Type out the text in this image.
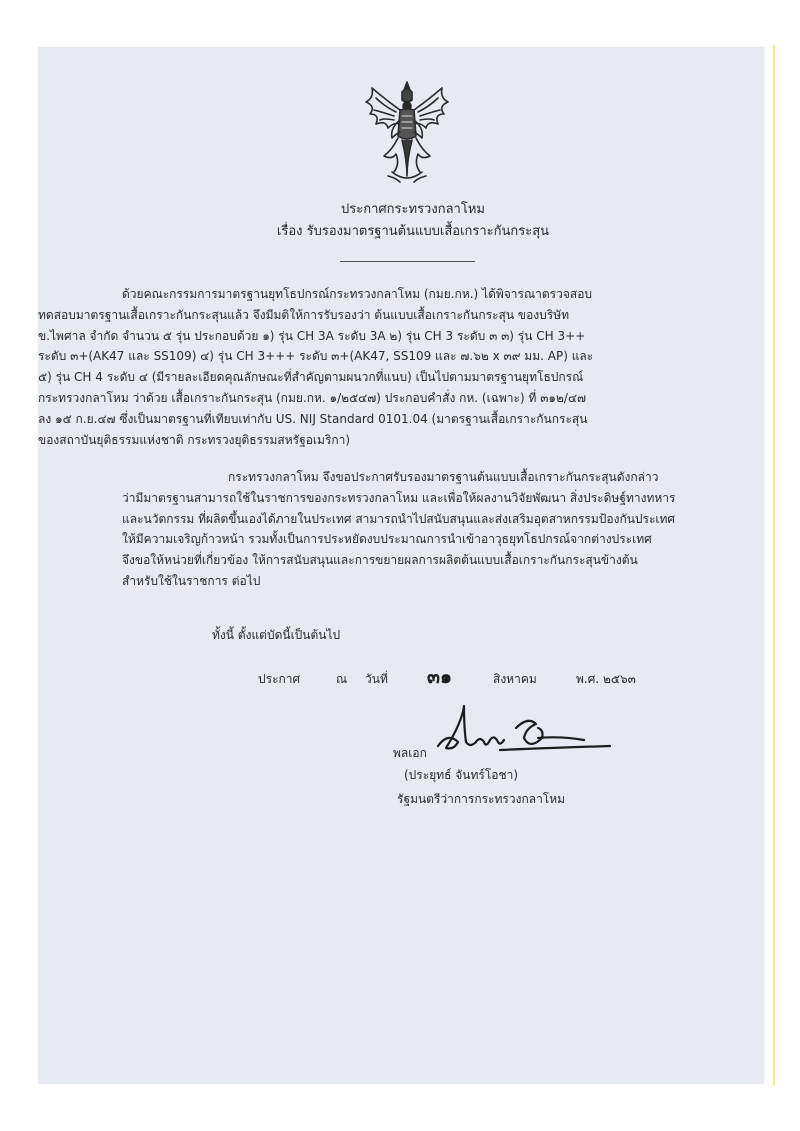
ประกาศกระทรวงกลาโหม
เรื่อง รับรองมาตรฐานต้นแบบเสื้อเกราะกันกระสุน
ด้วยคณะกรรมการมาตรฐานยุทโธปกรณ์กระทรวงกลาโหม (กมย.กห.) ได้พิจารณาตรวจสอบ
ทดสอบมาตรฐานเสื้อเกราะกันกระสุนแล้ว จึงมีมติให้การรับรองว่า ต้นแบบเสื้อเกราะกันกระสุน ของบริษัท
ข.ไพศาล จำกัด จำนวน ๕ รุ่น ประกอบด้วย ๑) รุ่น CH 3A ระดับ 3A ๒) รุ่น CH 3 ระดับ ๓ ๓) รุ่น CH 3++
ระดับ ๓+(AK47 และ SS109) ๔) รุ่น CH 3+++ ระดับ ๓+(AK47, SS109 และ ๗.๖๒ x ๓๙ มม. AP) และ
๕) รุ่น CH 4 ระดับ ๔ (มีรายละเอียดคุณลักษณะที่สำคัญตามผนวกที่แนบ) เป็นไปตามมาตรฐานยุทโธปกรณ์
กระทรวงกลาโหม ว่าด้วย เสื้อเกราะกันกระสุน (กมย.กห. ๑/๒๕๔๗) ประกอบคำสั่ง กห. (เฉพาะ) ที่ ๓๑๒/๔๗
ลง ๑๕ ก.ย.๔๗ ซึ่งเป็นมาตรฐานที่เทียบเท่ากับ US. NIJ Standard 0101.04 (มาตรฐานเสื้อเกราะกันกระสุน
ของสถาบันยุติธรรมแห่งชาติ กระทรวงยุติธรรมสหรัฐอเมริกา)
กระทรวงกลาโหม จึงขอประกาศรับรองมาตรฐานต้นแบบเสื้อเกราะกันกระสุนดังกล่าว
ว่ามีมาตรฐานสามารถใช้ในราชการของกระทรวงกลาโหม และเพื่อให้ผลงานวิจัยพัฒนา สิ่งประดิษฐ์ทางทหาร
และนวัตกรรม ที่ผลิตขึ้นเองได้ภายในประเทศ สามารถนำไปสนับสนุนและส่งเสริมอุตสาหกรรมป้องกันประเทศ
ให้มีความเจริญก้าวหน้า รวมทั้งเป็นการประหยัดงบประมาณการนำเข้าอาวุธยุทโธปกรณ์จากต่างประเทศ
จึงขอให้หน่วยที่เกี่ยวข้อง ให้การสนับสนุนและการขยายผลการผลิตต้นแบบเสื้อเกราะกันกระสุนข้างต้น
สำหรับใช้ในราชการ ต่อไป
ทั้งนี้ ตั้งแต่บัดนี้เป็นต้นไป
ประกาศ	ณ วันที่ ๓๑	สิงหาคม	พ.ศ. ๒๕๖๓
พลเอก
(ประยุทธ์ จันทร์โอชา)
รัฐมนตรีว่าการกระทรวงกลาโหม
